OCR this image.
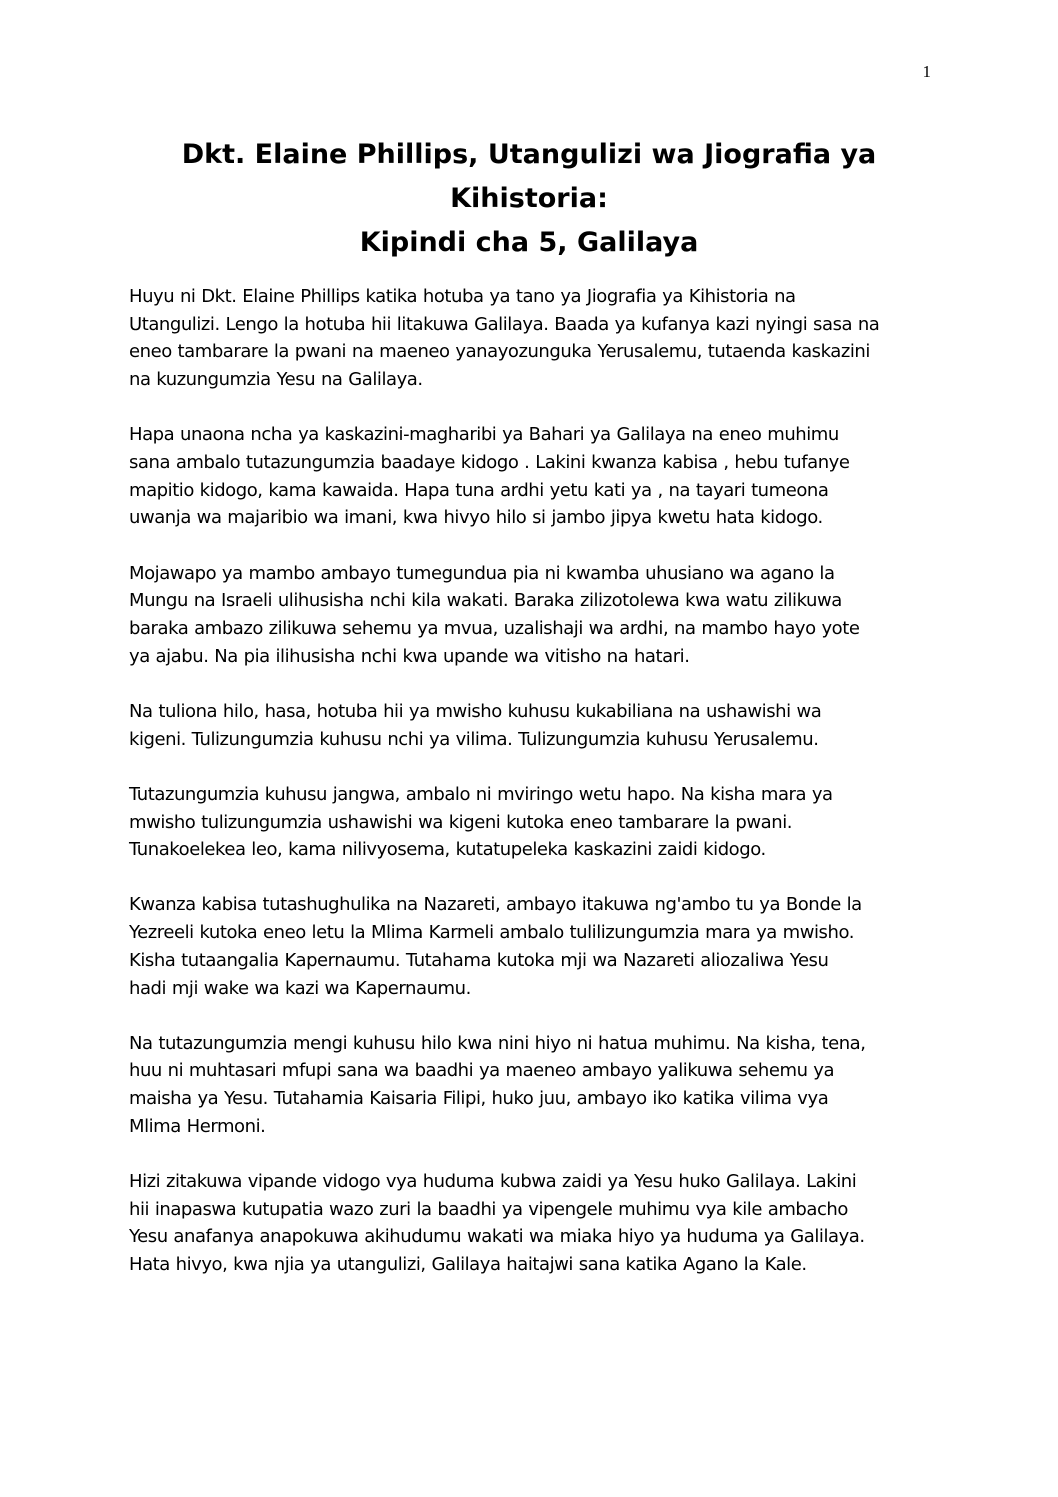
1
Dkt. Elaine Phillips, Utangulizi wa Jiografia ya
Kihistoria:
Kipindi cha 5, Galilaya

Huyu ni Dkt. Elaine Phillips katika hotuba ya tano ya Jiografia ya Kihistoria na
Utangulizi. Lengo la hotuba hii litakuwa Galilaya. Baada ya kufanya kazi nyingi sasa na
eneo tambarare la pwani na maeneo yanayozunguka Yerusalemu, tutaenda kaskazini
na kuzungumzia Yesu na Galilaya.

Hapa unaona ncha ya kaskazini-magharibi ya Bahari ya Galilaya na eneo muhimu
sana ambalo tutazungumzia baadaye kidogo . Lakini kwanza kabisa , hebu tufanye
mapitio kidogo, kama kawaida. Hapa tuna ardhi yetu kati ya , na tayari tumeona
uwanja wa majaribio wa imani, kwa hivyo hilo si jambo jipya kwetu hata kidogo.

Mojawapo ya mambo ambayo tumegundua pia ni kwamba uhusiano wa agano la
Mungu na Israeli ulihusisha nchi kila wakati. Baraka zilizotolewa kwa watu zilikuwa
baraka ambazo zilikuwa sehemu ya mvua, uzalishaji wa ardhi, na mambo hayo yote
ya ajabu. Na pia ilihusisha nchi kwa upande wa vitisho na hatari.

Na tuliona hilo, hasa, hotuba hii ya mwisho kuhusu kukabiliana na ushawishi wa
kigeni. Tulizungumzia kuhusu nchi ya vilima. Tulizungumzia kuhusu Yerusalemu.

Tutazungumzia kuhusu jangwa, ambalo ni mviringo wetu hapo. Na kisha mara ya
mwisho tulizungumzia ushawishi wa kigeni kutoka eneo tambarare la pwani.
Tunakoelekea leo, kama nilivyosema, kutatupeleka kaskazini zaidi kidogo.

Kwanza kabisa tutashughulika na Nazareti, ambayo itakuwa ng'ambo tu ya Bonde la
Yezreeli kutoka eneo letu la Mlima Karmeli ambalo tulilizungumzia mara ya mwisho.
Kisha tutaangalia Kapernaumu. Tutahama kutoka mji wa Nazareti aliozaliwa Yesu
hadi mji wake wa kazi wa Kapernaumu.

Na tutazungumzia mengi kuhusu hilo kwa nini hiyo ni hatua muhimu. Na kisha, tena,
huu ni muhtasari mfupi sana wa baadhi ya maeneo ambayo yalikuwa sehemu ya
maisha ya Yesu. Tutahamia Kaisaria Filipi, huko juu, ambayo iko katika vilima vya
Mlima Hermoni.

Hizi zitakuwa vipande vidogo vya huduma kubwa zaidi ya Yesu huko Galilaya. Lakini
hii inapaswa kutupatia wazo zuri la baadhi ya vipengele muhimu vya kile ambacho
Yesu anafanya anapokuwa akihudumu wakati wa miaka hiyo ya huduma ya Galilaya.
Hata hivyo, kwa njia ya utangulizi, Galilaya haitajwi sana katika Agano la Kale.
